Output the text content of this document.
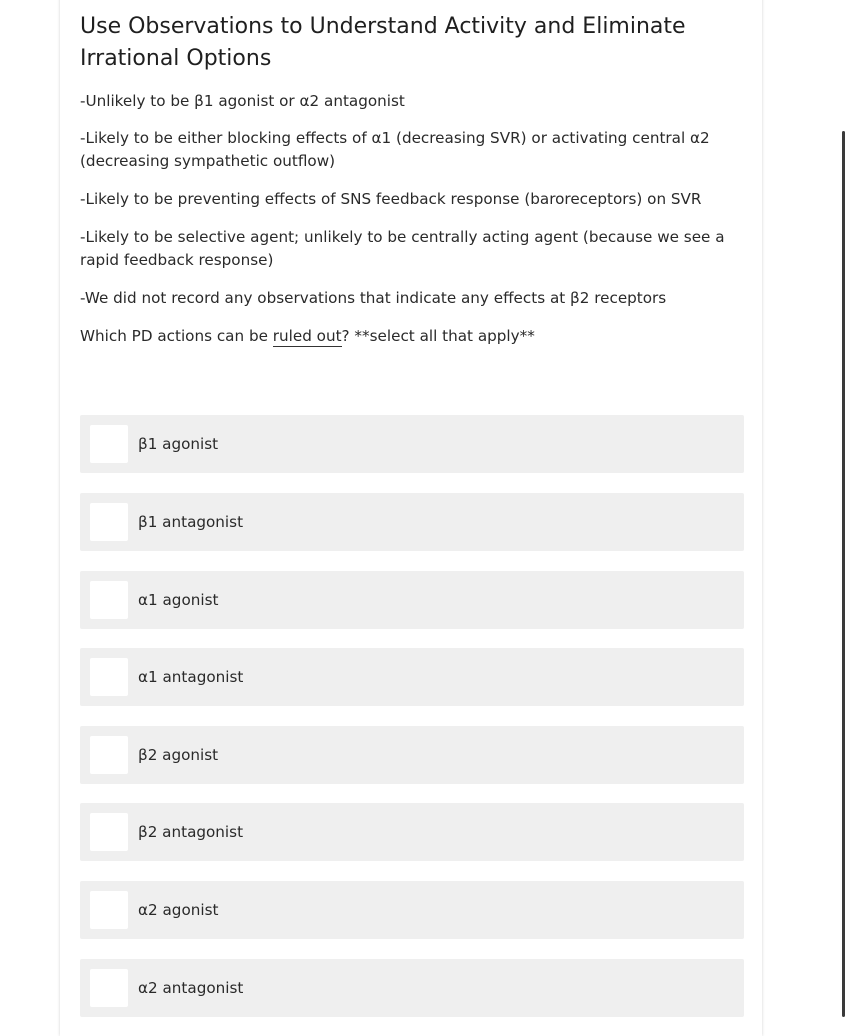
Use Observations to Understand Activity and Eliminate Irrational Options

-Unlikely to be β1 agonist or α2 antagonist

-Likely to be either blocking effects of α1 (decreasing SVR) or activating central α2 (decreasing sympathetic outflow)

-Likely to be preventing effects of SNS feedback response (baroreceptors) on SVR

-Likely to be selective agent; unlikely to be centrally acting agent (because we see a rapid feedback response)

-We did not record any observations that indicate any effects at β2 receptors

Which PD actions can be ruled out? **select all that apply**

β1 agonist
β1 antagonist
α1 agonist
α1 antagonist
β2 agonist
β2 antagonist
α2 agonist
α2 antagonist
